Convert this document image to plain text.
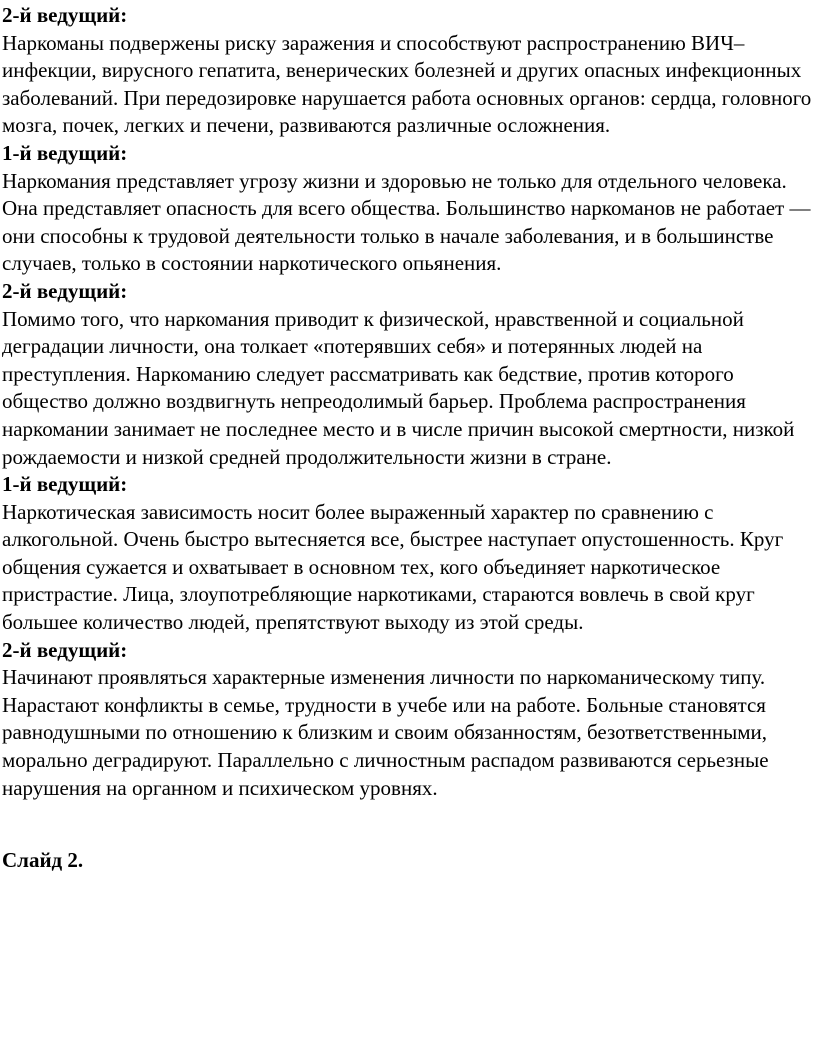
2-й ведущий:
Наркоманы подвержены риску заражения и способствуют распространению ВИЧ–инфекции, вирусного гепатита, венерических болезней и других опасных инфекционных заболеваний. При передозировке нарушается работа основных органов: сердца, головного мозга, почек, легких и печени, развиваются различные осложнения.
1-й ведущий:
Наркомания представляет угрозу жизни и здоровью не только для отдельного человека. Она представляет опасность для всего общества. Большинство наркоманов не работает — они способны к трудовой деятельности только в начале заболевания, и в большинстве случаев, только в состоянии наркотического опьянения.
2-й ведущий:
Помимо того, что наркомания приводит к физической, нравственной и социальной деградации личности, она толкает «потерявших себя» и потерянных людей на преступления. Наркоманию следует рассматривать как бедствие, против которого общество должно воздвигнуть непреодолимый барьер. Проблема распространения наркомании занимает не последнее место и в числе причин высокой смертности, низкой рождаемости и низкой средней продолжительности жизни в стране.
1-й ведущий:
Наркотическая зависимость носит более выраженный характер по сравнению с алкогольной. Очень быстро вытесняется все, быстрее наступает опустошенность. Круг общения сужается и охватывает в основном тех, кого объединяет наркотическое пристрастие. Лица, злоупотребляющие наркотиками, стараются вовлечь в свой круг большее количество людей, препятствуют выходу из этой среды.
2-й ведущий:
Начинают проявляться характерные изменения личности по наркоманическому типу. Нарастают конфликты в семье, трудности в учебе или на работе. Больные становятся равнодушными по отношению к близким и своим обязанностям, безответственными, морально деградируют. Параллельно с личностным распадом развиваются серьезные нарушения на органном и психическом уровнях.
Слайд 2.
